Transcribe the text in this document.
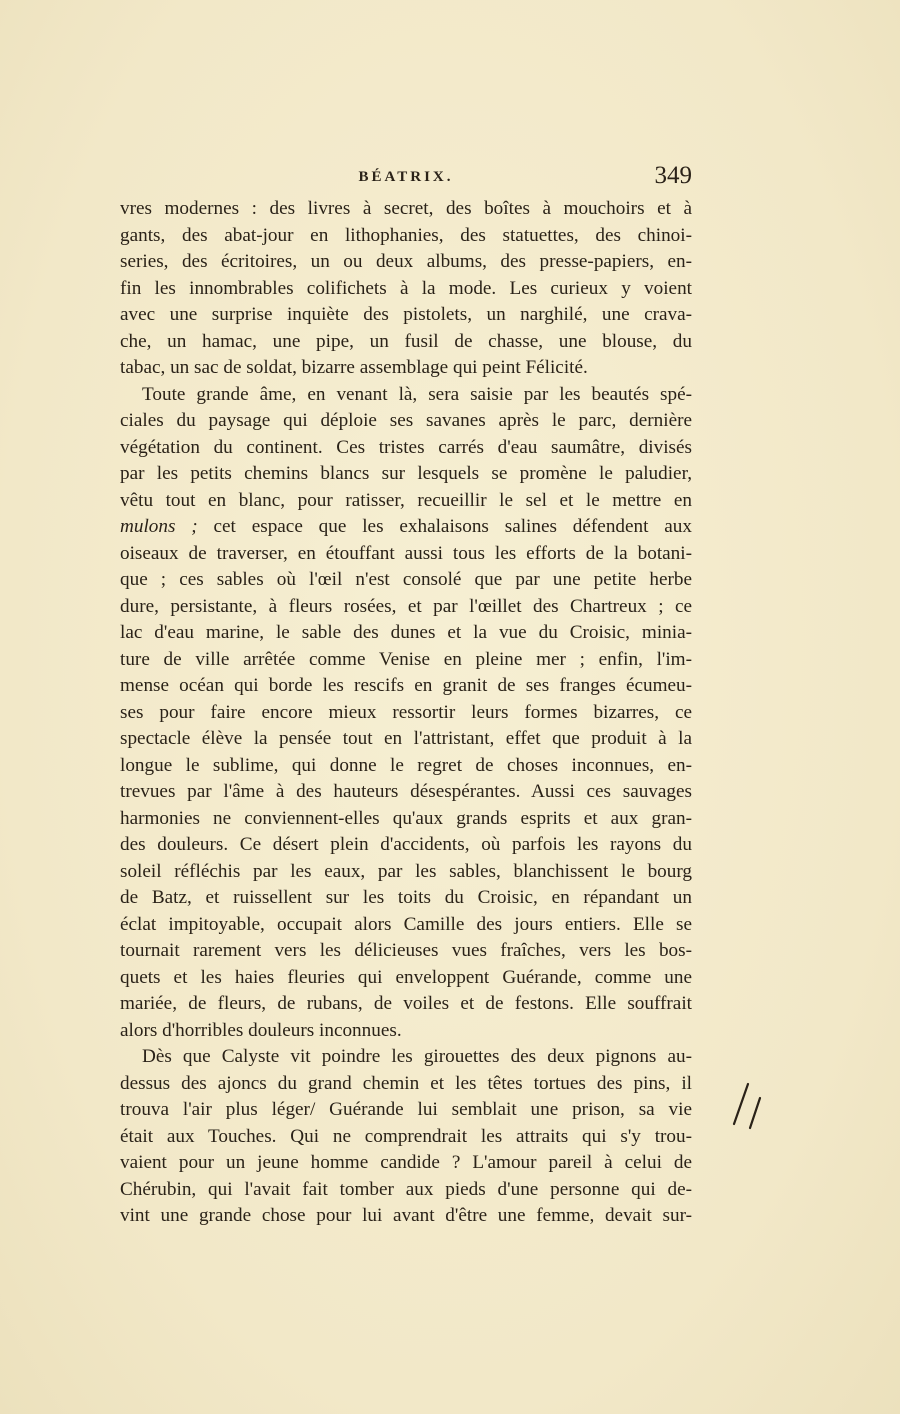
BÉATRIX.	349
vres modernes : des livres à secret, des boîtes à mouchoirs et à
gants, des abat-jour en lithophanies, des statuettes, des chinoi-
series, des écritoires, un ou deux albums, des presse-papiers, en-
fin les innombrables colifichets à la mode. Les curieux y voient
avec une surprise inquiète des pistolets, un narghilé, une crava-
che, un hamac, une pipe, un fusil de chasse, une blouse, du
tabac, un sac de soldat, bizarre assemblage qui peint Félicité.
Toute grande âme, en venant là, sera saisie par les beautés spé-
ciales du paysage qui déploie ses savanes après le parc, dernière
végétation du continent. Ces tristes carrés d'eau saumâtre, divisés
par les petits chemins blancs sur lesquels se promène le paludier,
vêtu tout en blanc, pour ratisser, recueillir le sel et le mettre en
mulons ; cet espace que les exhalaisons salines défendent aux
oiseaux de traverser, en étouffant aussi tous les efforts de la botani-
que ; ces sables où l'œil n'est consolé que par une petite herbe
dure, persistante, à fleurs rosées, et par l'œillet des Chartreux ; ce
lac d'eau marine, le sable des dunes et la vue du Croisic, minia-
ture de ville arrêtée comme Venise en pleine mer ; enfin, l'im-
mense océan qui borde les rescifs en granit de ses franges écumeu-
ses pour faire encore mieux ressortir leurs formes bizarres, ce
spectacle élève la pensée tout en l'attristant, effet que produit à la
longue le sublime, qui donne le regret de choses inconnues, en-
trevues par l'âme à des hauteurs désespérantes. Aussi ces sauvages
harmonies ne conviennent-elles qu'aux grands esprits et aux gran-
des douleurs. Ce désert plein d'accidents, où parfois les rayons du
soleil réfléchis par les eaux, par les sables, blanchissent le bourg
de Batz, et ruissellent sur les toits du Croisic, en répandant un
éclat impitoyable, occupait alors Camille des jours entiers. Elle se
tournait rarement vers les délicieuses vues fraîches, vers les bos-
quets et les haies fleuries qui enveloppent Guérande, comme une
mariée, de fleurs, de rubans, de voiles et de festons. Elle souffrait
alors d'horribles douleurs inconnues.
Dès que Calyste vit poindre les girouettes des deux pignons au-
dessus des ajoncs du grand chemin et les têtes tortues des pins, il
trouva l'air plus léger/ Guérande lui semblait une prison, sa vie
était aux Touches. Qui ne comprendrait les attraits qui s'y trou-
vaient pour un jeune homme candide ? L'amour pareil à celui de
Chérubin, qui l'avait fait tomber aux pieds d'une personne qui de-
vint une grande chose pour lui avant d'être une femme, devait sur-
